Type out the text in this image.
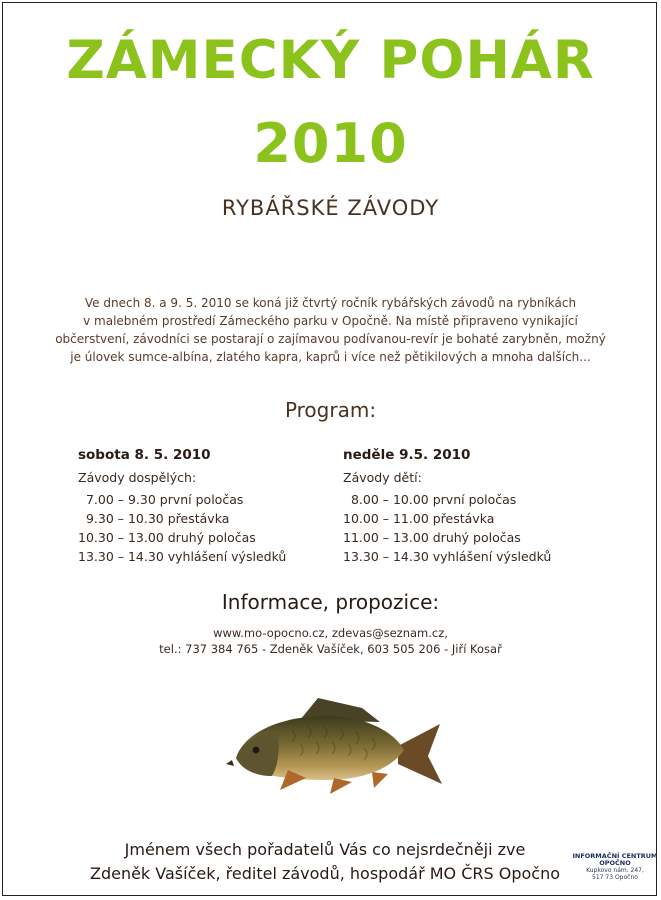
ZÁMECKÝ POHÁR
2010
RYBÁŘSKÉ ZÁVODY
Ve dnech 8. a 9. 5. 2010 se koná již čtvrtý ročník rybářských závodů na rybníkách
v malebném prostředí Zámeckého parku v Opočně. Na místě připraveno vynikající
občerstvení, závodníci se postarají o zajímavou podívanou-revír je bohaté zarybněn, možný
je úlovek sumce-albína, zlatého kapra, kaprů i více než pětikilových a mnoha dalších...
Program:
sobota 8. 5. 2010
Závody dospělých:
7.00 – 9.30 první poločas
9.30 – 10.30 přestávka
10.30 – 13.00 druhý poločas
13.30 – 14.30 vyhlášení výsledků
neděle 9.5. 2010
Závody dětí:
8.00 – 10.00 první poločas
10.00 – 11.00 přestávka
11.00 – 13.00 druhý poločas
13.30 – 14.30 vyhlášení výsledků
Informace, propozice:
www.mo-opocno.cz, zdevas@seznam.cz,
tel.: 737 384 765 - Zdeněk Vašíček, 603 505 206 - Jiří Kosař
Jménem všech pořadatelů Vás co nejsrdečněji zve
Zdeněk Vašíček, ředitel závodů, hospodář MO ČRS Opočno
INFORMAČNÍ CENTRUM
OPOČNO
Kupkovo nám. 247,
517 73 Opočno
